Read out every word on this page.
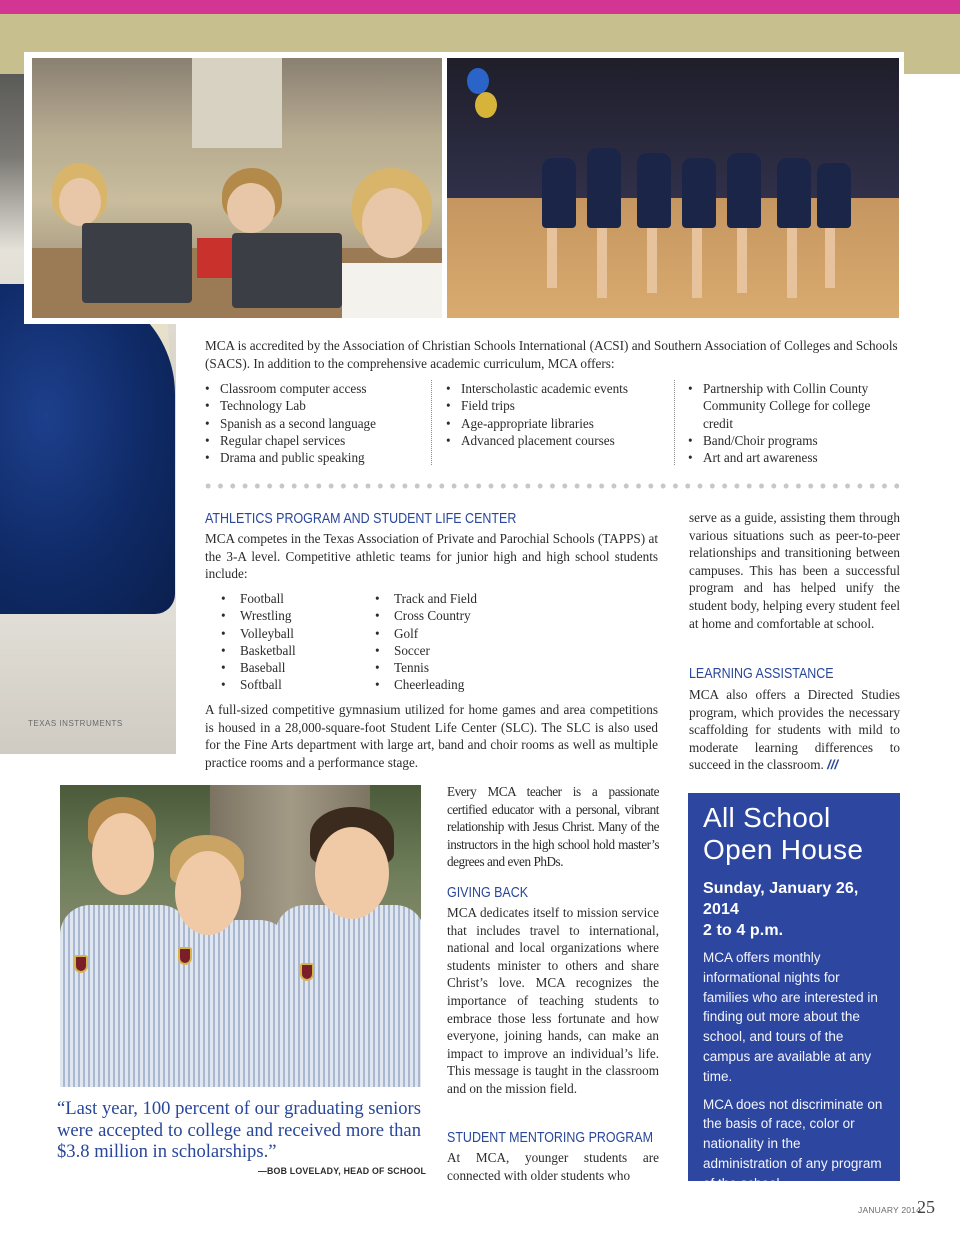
TEXAS INSTRUMENTS
MCA is accredited by the Association of Christian Schools International (ACSI) and Southern Association of Colleges and Schools (SACS). In addition to the comprehensive academic curriculum, MCA offers:
• Classroom computer access
• Technology Lab
• Spanish as a second language
• Regular chapel services
• Drama and public speaking
• Interscholastic academic events
• Field trips
• Age-appropriate libraries
• Advanced placement courses
• Partnership with Collin County Community College for college credit
• Band/Choir programs
• Art and art awareness
ATHLETICS PROGRAM AND STUDENT LIFE CENTER
MCA competes in the Texas Association of Private and Parochial Schools (TAPPS) at the 3-A level. Competitive athletic teams for junior high and high school students include:
• Football
• Wrestling
• Volleyball
• Basketball
• Baseball
• Softball
• Track and Field
• Cross Country
• Golf
• Soccer
• Tennis
• Cheerleading
A full-sized competitive gymnasium utilized for home games and area competitions is housed in a 28,000-square-foot Student Life Center (SLC). The SLC is also used for the Fine Arts department with large art, band and choir rooms as well as multiple practice rooms and a performance stage.
serve as a guide, assisting them through various situations such as peer-to-peer relationships and transitioning between campuses. This has been a successful program and has helped unify the student body, helping every student feel at home and comfortable at school.
LEARNING ASSISTANCE
MCA also offers a Directed Studies program, which provides the necessary scaffolding for students with mild to moderate learning differences to succeed in the classroom. ///
“Last year, 100 percent of our graduating seniors were accepted to college and received more than $3.8 million in scholarships.”
—BOB LOVELADY, HEAD OF SCHOOL
Every MCA teacher is a passionate certified educator with a personal, vibrant relationship with Jesus Christ. Many of the instructors in the high school hold master’s degrees and even PhDs.
GIVING BACK
MCA dedicates itself to mission service that includes travel to international, national and local organizations where students minister to others and share Christ’s love. MCA recognizes the importance of teaching students to embrace those less fortunate and how everyone, joining hands, can make an impact to improve an individual’s life. This message is taught in the classroom and on the mission field.
STUDENT MENTORING PROGRAM
At MCA, younger students are connected with older students who
All School
Open House
Sunday, January 26, 2014
2 to 4 p.m.
MCA offers monthly informational nights for families who are interested in finding out more about the school, and tours of the campus are available at any time.
MCA does not discriminate on the basis of race, color or nationality in the administration of any program of the school.
JANUARY 2014
25
